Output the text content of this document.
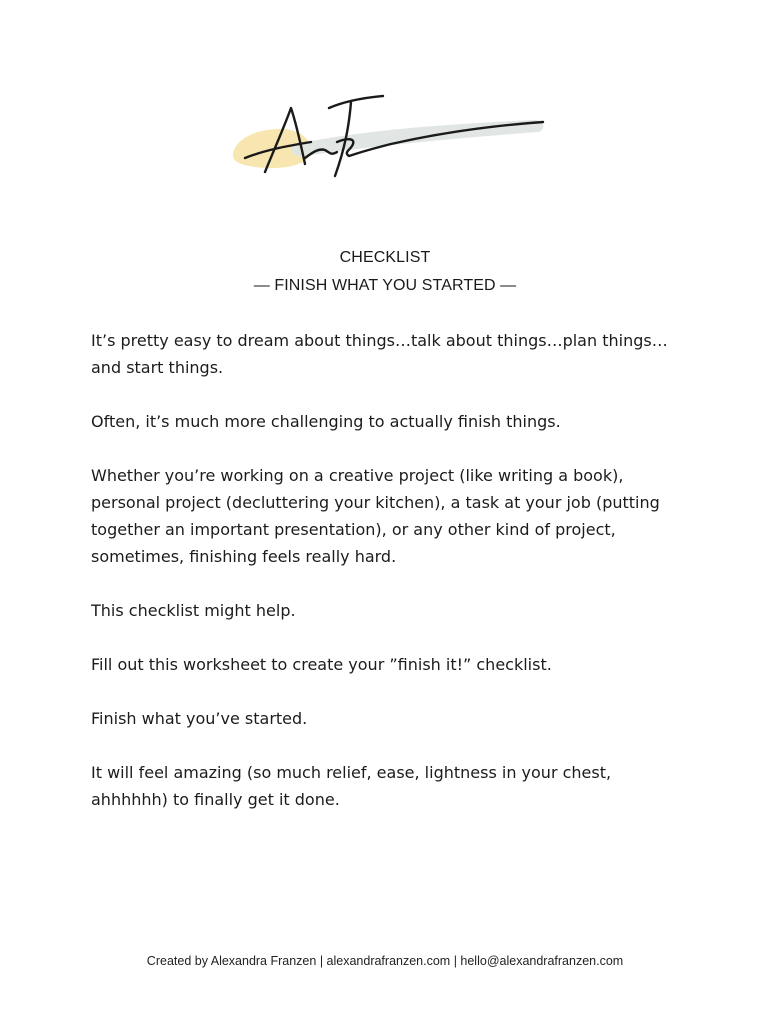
CHECKLIST
— FINISH WHAT YOU STARTED —

It’s pretty easy to dream about things…talk about things…plan things… and start things.

Often, it’s much more challenging to actually finish things.

Whether you’re working on a creative project (like writing a book), personal project (decluttering your kitchen), a task at your job (putting together an important presentation), or any other kind of project, sometimes, finishing feels really hard.

This checklist might help.

Fill out this worksheet to create your ”finish it!” checklist.

Finish what you’ve started.

It will feel amazing (so much relief, ease, lightness in your chest, ahhhhhh) to finally get it done.

Created by Alexandra Franzen | alexandrafranzen.com | hello@alexandrafranzen.com
